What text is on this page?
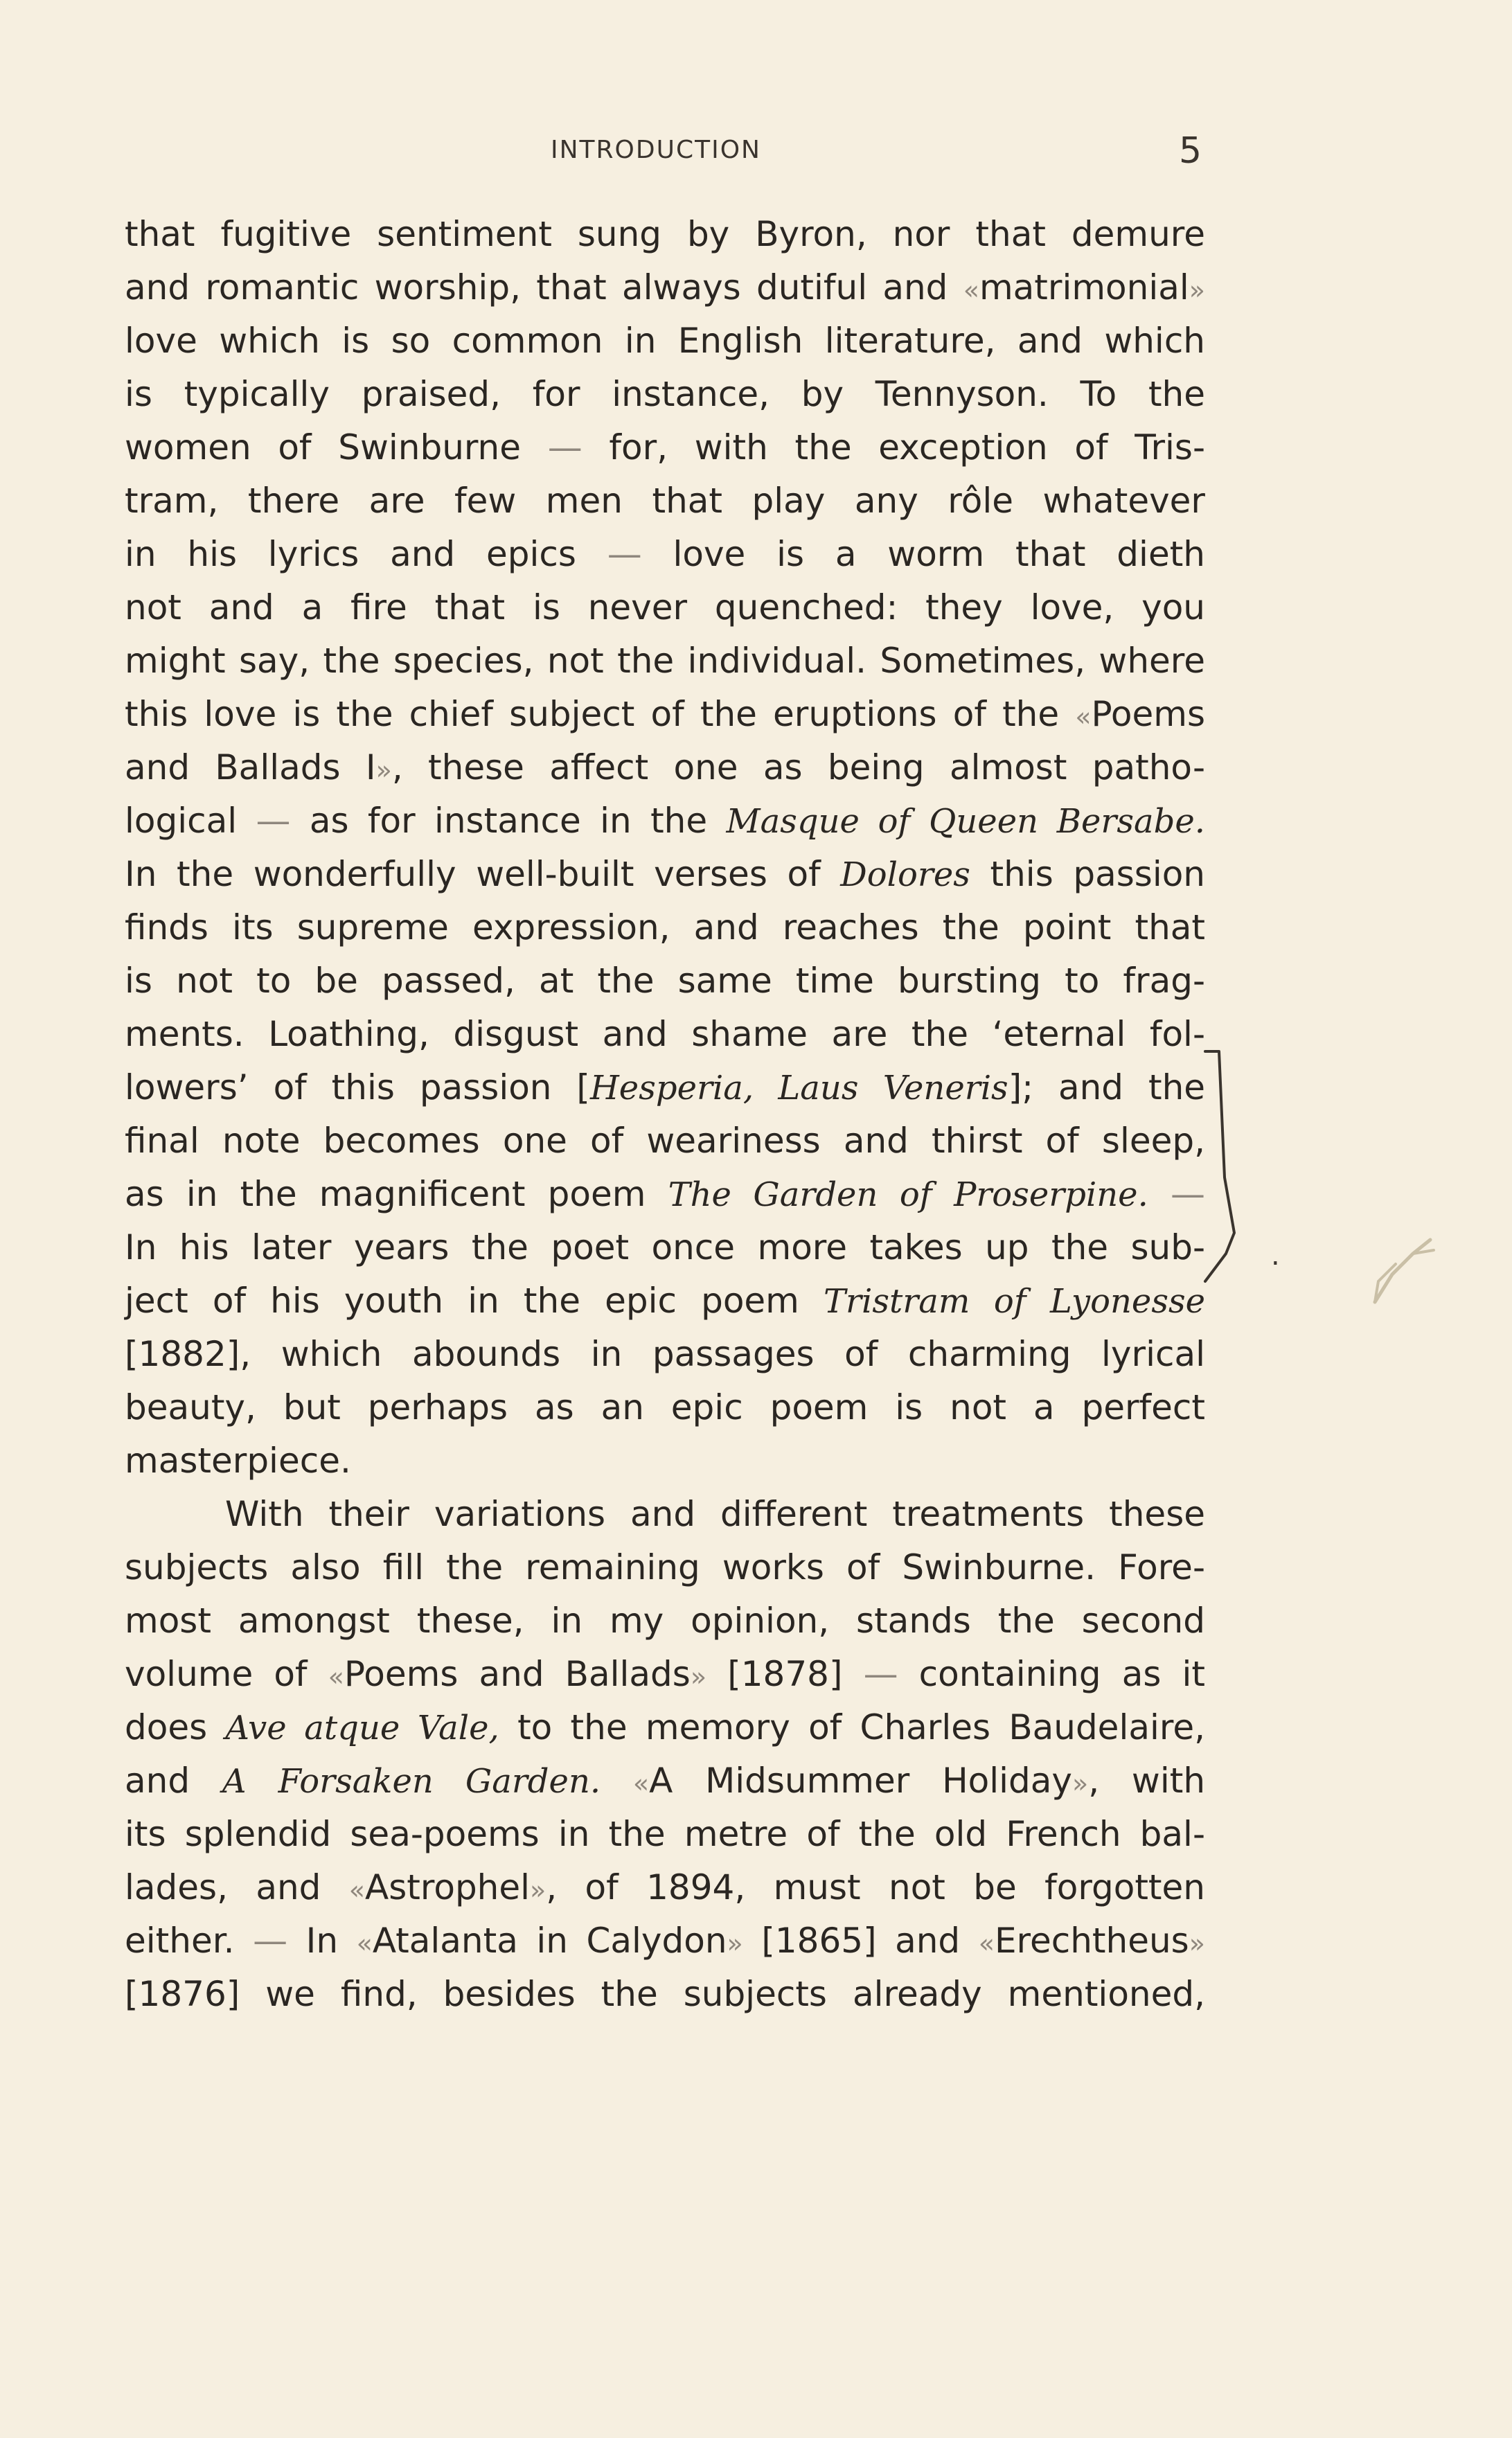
INTRODUCTION	5
that fugitive sentiment sung by Byron, nor that demure
and romantic worship, that always dutiful and «matrimonial»
love which is so common in English literature, and which
is typically praised, for instance, by Tennyson. To the
women of Swinburne — for, with the exception of Tris-
tram, there are few men that play any rôle whatever
in his lyrics and epics — love is a worm that dieth
not and a fire that is never quenched: they love, you
might say, the species, not the individual. Sometimes, where
this love is the chief subject of the eruptions of the «Poems
and Ballads I», these affect one as being almost patho-
logical — as for instance in the Masque of Queen Bersabe.
In the wonderfully well-built verses of Dolores this passion
finds its supreme expression, and reaches the point that
is not to be passed, at the same time bursting to frag-
ments. Loathing, disgust and shame are the ‘eternal fol-
lowers’ of this passion [Hesperia, Laus Veneris]; and the
final note becomes one of weariness and thirst of sleep,
as in the magnificent poem The Garden of Proserpine. —
In his later years the poet once more takes up the sub-
ject of his youth in the epic poem Tristram of Lyonesse
[1882], which abounds in passages of charming lyrical
beauty, but perhaps as an epic poem is not a perfect
masterpiece.
With their variations and different treatments these
subjects also fill the remaining works of Swinburne. Fore-
most amongst these, in my opinion, stands the second
volume of «Poems and Ballads» [1878] — containing as it
does Ave atque Vale, to the memory of Charles Baudelaire,
and A Forsaken Garden. «A Midsummer Holiday», with
its splendid sea-poems in the metre of the old French bal-
lades, and «Astrophel», of 1894, must not be forgotten
either. — In «Atalanta in Calydon» [1865] and «Erechtheus»
[1876] we find, besides the subjects already mentioned,
.
